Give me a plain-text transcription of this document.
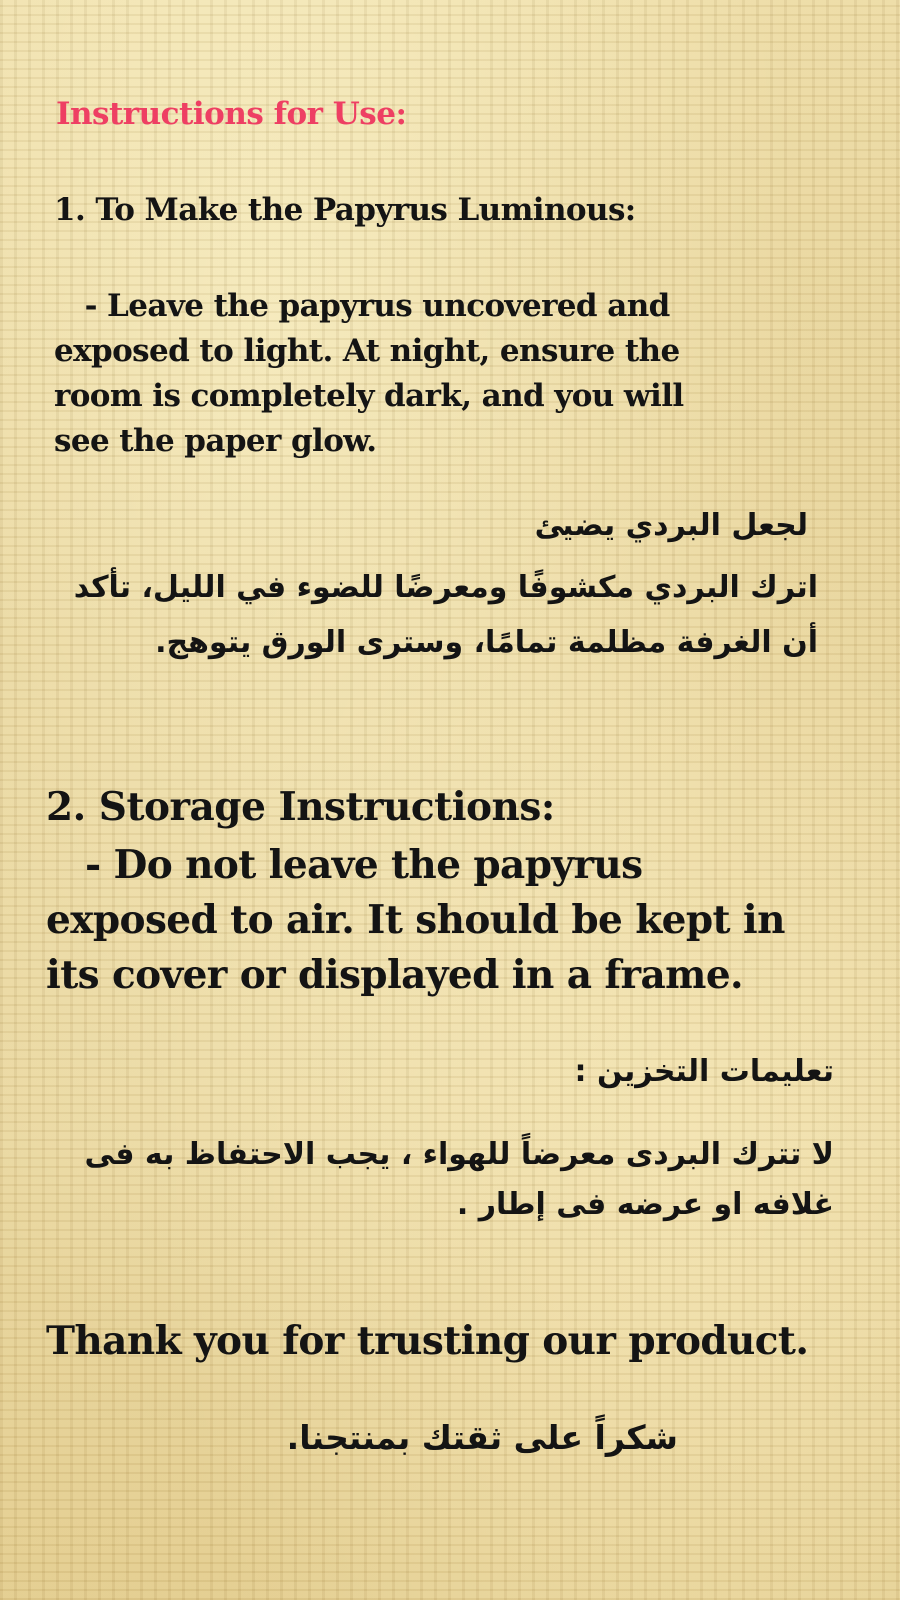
Instructions for Use:
1. To Make the Papyrus Luminous:
- Leave the papyrus uncovered and exposed to light. At night, ensure the room is completely dark, and you will see the paper glow.
لجعل البردي يضيئ
اترك البردي مكشوفًا ومعرضًا للضوء في الليل، تأكد أن الغرفة مظلمة تمامًا، وسترى الورق يتوهج.
2. Storage Instructions:
- Do not leave the papyrus exposed to air. It should be kept in its cover or displayed in a frame.
تعليمات التخزين :
لا تترك البردى معرضاً للهواء ، يجب الاحتفاظ به فى غلافه او عرضه فى إطار .
Thank you for trusting our product.
شكراً على ثقتك بمنتجنا.
